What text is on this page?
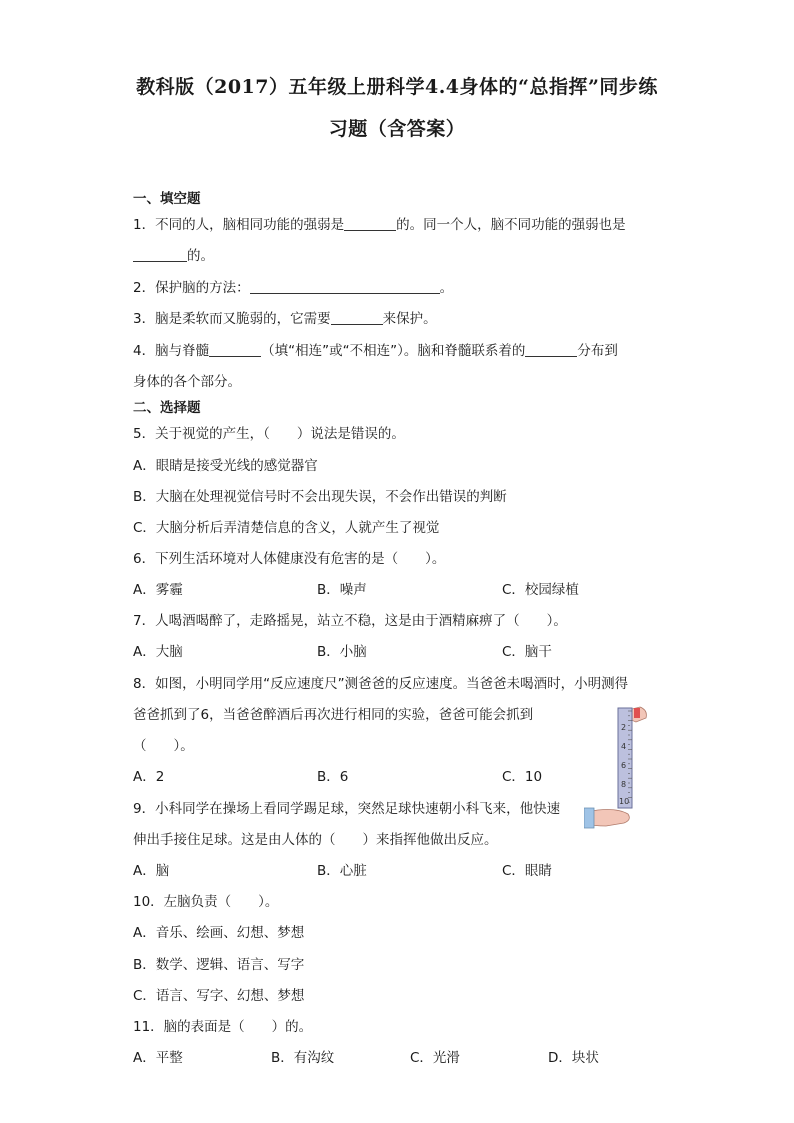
教科版（2017）五年级上册科学4.4身体的“总指挥”同步练
习题（含答案）
一、填空题
1．不同的人，脑相同功能的强弱是	的。同一个人，脑不同功能的强弱也是
的。
2．保护脑的方法：	。
3．脑是柔软而又脆弱的，它需要	来保护。
4．脑与脊髓	（填“相连”或“不相连”）。脑和脊髓联系着的	分布到
身体的各个部分。
二、选择题
5．关于视觉的产生，（　　）说法是错误的。
A．眼睛是接受光线的感觉器官
B．大脑在处理视觉信号时不会出现失误，不会作出错误的判断
C．大脑分析后弄清楚信息的含义，人就产生了视觉
6．下列生活环境对人体健康没有危害的是（　　）。
A．雾霾	B．噪声	C．校园绿植
7．人喝酒喝醉了，走路摇晃，站立不稳，这是由于酒精麻痹了（　　）。
A．大脑	B．小脑	C．脑干
8．如图，小明同学用“反应速度尺”测爸爸的反应速度。当爸爸未喝酒时，小明测得
爸爸抓到了6，当爸爸醉酒后再次进行相同的实验，爸爸可能会抓到
（　　）。
A．2	B．6	C．10
2
4
6
8
10
9．小科同学在操场上看同学踢足球，突然足球快速朝小科飞来，他快速
伸出手接住足球。这是由人体的（　　）来指挥他做出反应。
A．脑	B．心脏	C．眼睛
10．左脑负责（　　）。
A．音乐、绘画、幻想、梦想
B．数学、逻辑、语言、写字
C．语言、写字、幻想、梦想
11．脑的表面是（　　）的。
A．平整	B．有沟纹	C．光滑	D．块状
